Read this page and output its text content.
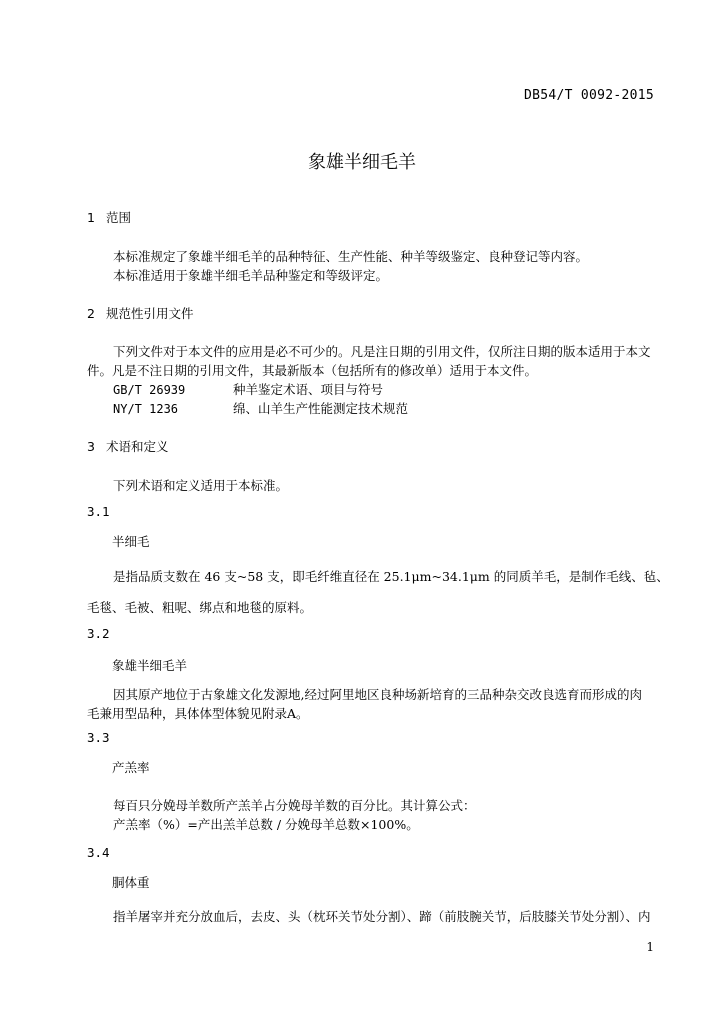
DB54/T 0092-2015
象雄半细毛羊
1 范围
本标准规定了象雄半细毛羊的品种特征、生产性能、种羊等级鉴定、良种登记等内容。
本标准适用于象雄半细毛羊品种鉴定和等级评定。
2 规范性引用文件
下列文件对于本文件的应用是必不可少的。凡是注日期的引用文件，仅所注日期的版本适用于本文
件。凡是不注日期的引用文件，其最新版本（包括所有的修改单）适用于本文件。
GB/T 26939	种羊鉴定术语、项目与符号
NY/T 1236	绵、山羊生产性能测定技术规范
3 术语和定义
下列术语和定义适用于本标准。
3.1
半细毛
是指品质支数在 46 支~58 支，即毛纤维直径在 25.1μm~34.1μm 的同质羊毛，是制作毛线、毡、
毛毯、毛被、粗呢、绑点和地毯的原料。
3.2
象雄半细毛羊
因其原产地位于古象雄文化发源地,经过阿里地区良种场新培育的三品种杂交改良选育而形成的肉
毛兼用型品种，具体体型体貌见附录A。
3.3
产羔率
每百只分娩母羊数所产羔羊占分娩母羊数的百分比。其计算公式：
产羔率（%）=产出羔羊总数 / 分娩母羊总数×100%。
3.4
胴体重
指羊屠宰并充分放血后，去皮、头（枕环关节处分割）、蹄（前肢腕关节，后肢膝关节处分割）、内
1
